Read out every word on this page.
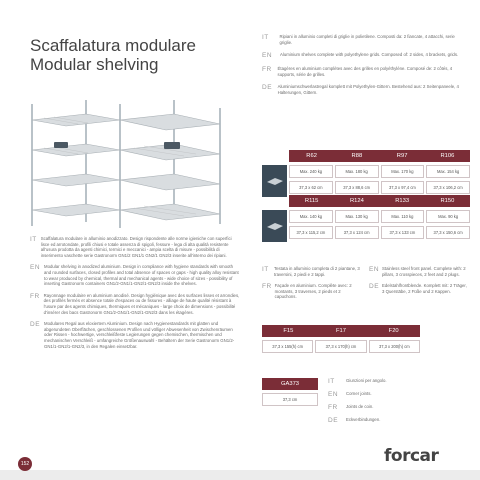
Scaffalatura modulare
Modular shelving
IT	Ripiani in alluminio completi di griglie in polietilene. Composti da: 2 fiancate, 4 attacchi, serie griglie.
EN	Aluminium shelves complete with polyethylene grids. Composed of: 2 sides, 4 brackets, grids.
FR	Étagères en aluminium complètes avec des grilles en polyéthylène. Composé de: 2 côtés, 4 supports, série de grilles.
DE	Aluminiumschwerlastregal komplett mit Polyethylen-Gittern. Bestehend aus: 2 Seitenpaneele, 4 Halterungen, Gittern.
R62	R88	R97	R106
Max. 240 kg	Max. 180 kg	Max. 170 kg	Max. 154 kg
37,3 x 62 cm	37,3 x 88,6 cm	37,3 x 97,4 cm	37,3 x 106,2 cm
R115	R124	R133	R150
Max. 140 kg	Max. 130 kg	Max. 110 kg	Max. 90 kg
37,3 x 115,2 cm	37,3 x 124 cm	37,3 x 133 cm	37,3 x 150,6 cm
IT	Testata in alluminio completa di 2 piantane, 3 traversini, 2 piedi e 2 tappi.
EN Stainless steel front panel. Complete with: 2 pillars, 3 crosspieces, 2 feet and 2 plugs.
FR Façade en aluminium. Complète avec: 2 montants, 3 traverses, 2 pieds et 2 capuchons.
DE Edelstahlfrontblende. Komplett mit: 2 Träger, 3 Querstäbe, 2 Füße und 2 Kappen.
F15	F17	F20
37,3 x 155(h) cm	37,3 x 170(h) cm	37,3 x 200(h) cm
GA373
37,3 cm
IT	Giunzioni per angolo.
EN	Corner joints.
FR	Joints de coin.
DE	Eckverbindungen.
IT Scaffalatura modulare in alluminio anodizzato. Design rispondente alle norme igieniche con superfici lisce ed arrotondate, profili chiusi e totale assenza di spigoli, fessure - lega di alta qualità resistente all'usura prodotta da agenti chimici, termici e meccanici - ampia scelta di misure - possibilità di inserimento vaschette serie Gastronorm GN1/2 GN1/1 GN2/1 GN2/3 inserite all'interno dei ripiani.
EN Modular shelving in anodized aluminium. Design in compliance with hygiene standards with smooth and rounded surfaces, closed profiles and total absence of spaces or gaps - high quality alloy resistant to wear produced by chemical, thermal and mechanical agents - wide choice of sizes - possibility of inserting Gastronorm containers GN1/2-GN1/1-GN2/1-GN2/3 inside the shelves.
FR Rayonnage modulaire en aluminium anodisé. Design hygiénique avec des surfaces lisses et arrondies, des profilés fermés et absence totale d'espaces ou de fissures - alliage de haute qualité résistant à l'usure par des agents chimiques, thermiques et mécaniques - large choix de dimensions - possibilité d'insérer des bacs Gastronorm GN1/2-GN1/1-GN2/1-GN2/3 dans les étagères.
DE Modulares Regal aus eloxiertem Aluminium. Design nach Hygienestandards mit glatten und abgerundeten Oberflächen, geschlossenen Profilen und völliger Abwesenheit von Zwischenräumen oder Rissen - hochwertige, verschleißfeste Legierungen gegen chemischen, thermischen und mechanischen Verschleiß - umfangreiche Größenauswahl - Behältern der Serie Gastronorm GN1/2-GN1/1-GN2/1-GN2/3, in den Regalen einsetzbar.
152	forcar
